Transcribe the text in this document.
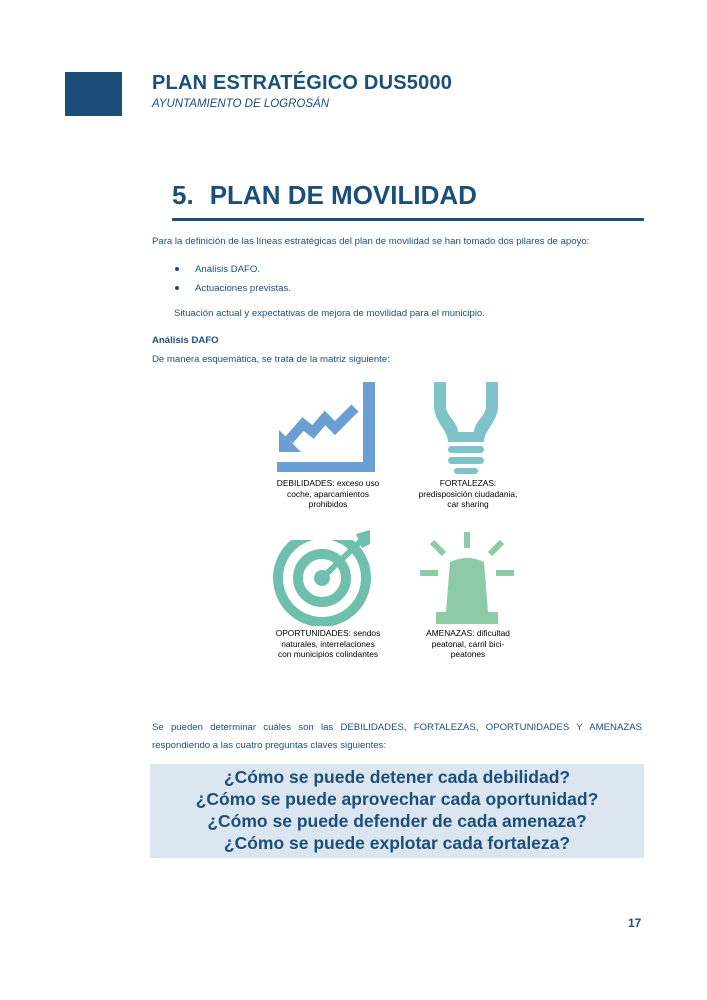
PLAN ESTRATÉGICO DUS5000
AYUNTAMIENTO DE LOGROSÁN
5. PLAN DE MOVILIDAD
Para la definición de las líneas estratégicas del plan de movilidad se han tomado dos pilares de apoyo:
Análisis DAFO.
Actuaciones previstas.
Situación actual y expectativas de mejora de movilidad para el municipio.
Análisis DAFO
De manera esquemática, se trata de la matriz siguiente:
DEBILIDADES: exceso uso
coche, aparcamientos
prohibidos
FORTALEZAS:
predisposición ciudadania,
car sharing
OPORTUNIDADES: sendos
naturales, interrelaciones
con municipios colindantes
AMENAZAS: dificultad
peatonal, carril bici-
peatones
Se pueden determinar cuáles son las DEBILIDADES, FORTALEZAS, OPORTUNIDADES Y AMENAZAS respondiendo a las cuatro preguntas claves siguientes:
¿Cómo se puede detener cada debilidad?
¿Cómo se puede aprovechar cada oportunidad?
¿Cómo se puede defender de cada amenaza?
¿Cómo se puede explotar cada fortaleza?
17
